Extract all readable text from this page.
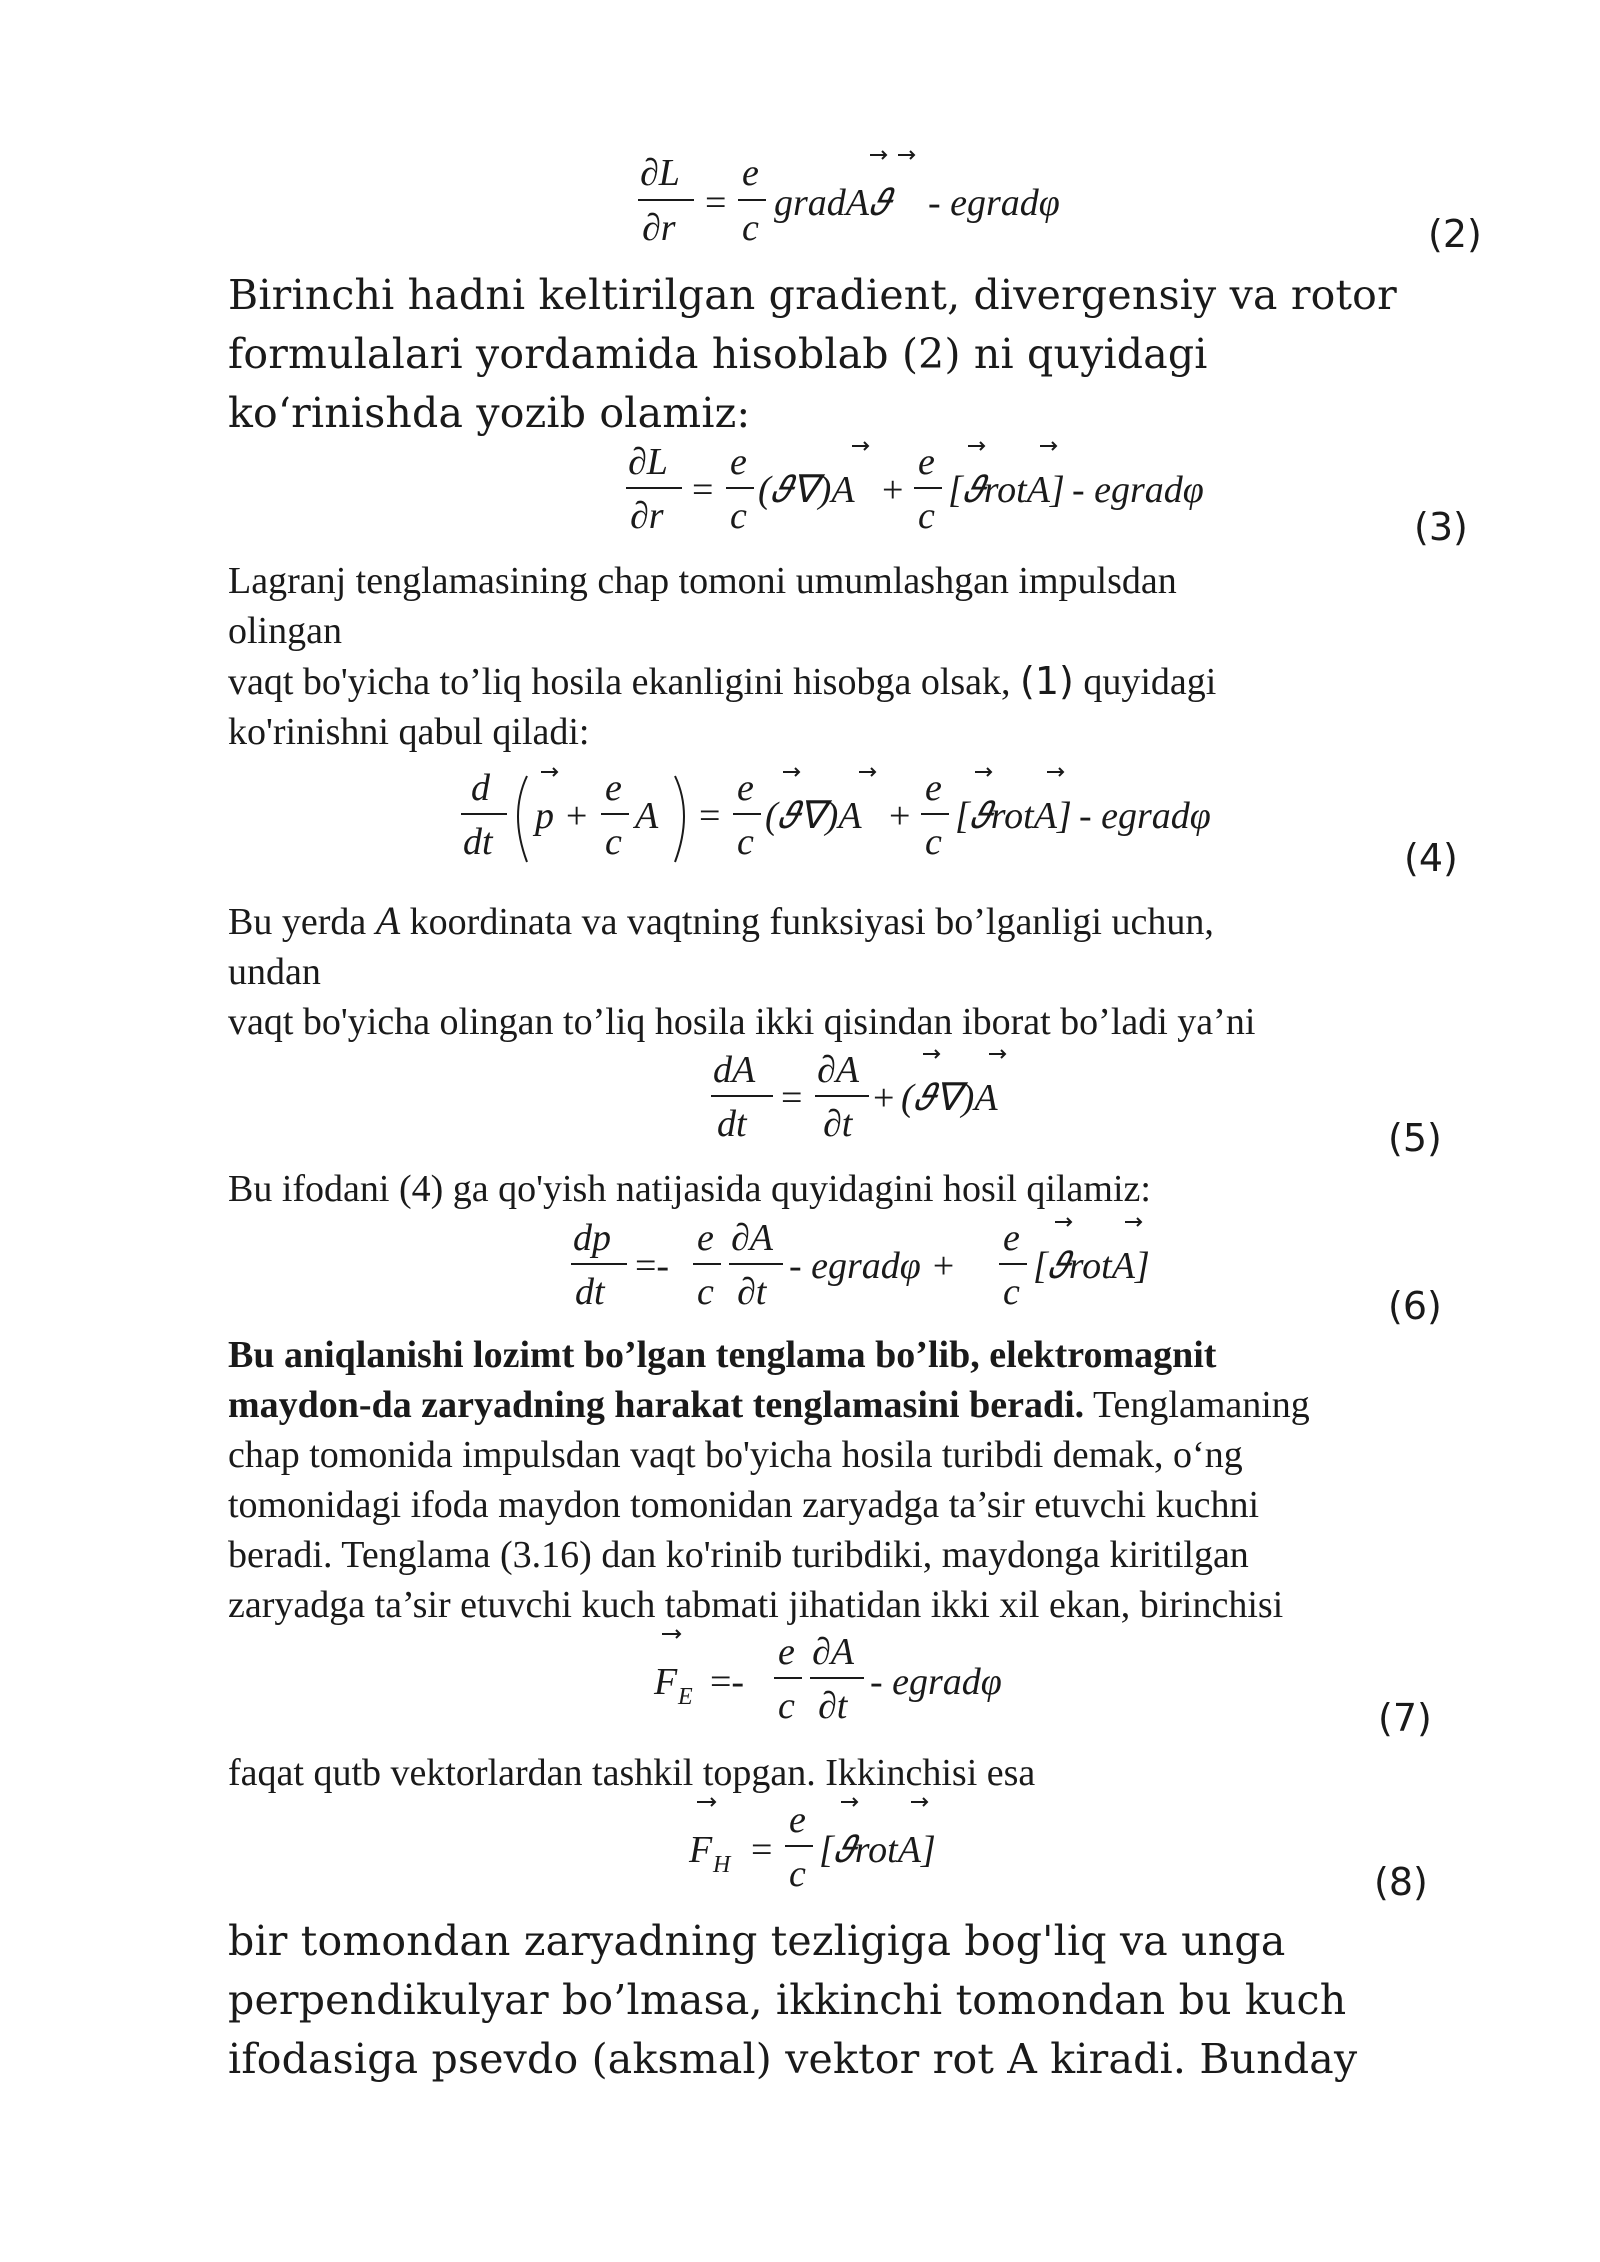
∂L
∂r
=
e
c
gradA𝜗 - egradφ
(2)
Birinchi hadni keltirilgan gradient, divergensiy va rotor
formulalari yordamida hisoblab (2) ni quyidagi
koʻrinishda yozib olamiz:
∂L
∂r
=
e
c
(𝜗∇)A +
e
c
[𝜗rotA] - egradφ
(3)
Lagranj tenglamasining chap tomoni umumlashgan impulsdan
olingan
vaqt bo'yicha to’liq hosila ekanligini hisobga olsak, (1) quyidagi
ko'rinishni qabul qiladi:
d
dt
p +
e
c
A =
e
c
(𝜗∇)A +
e
c
[𝜗rotA] - egradφ
(4)
Bu yerda A koordinata va vaqtning funksiyasi bo’lganligi uchun,
undan
vaqt bo'yicha olingan to’liq hosila ikki qisindan iborat bo’ladi ya’ni
dA
dt
=
∂A
∂t
+ (𝜗∇)A
(5)
Bu ifodani (4) ga qo'yish natijasida quyidagini hosil qilamiz:
dp
dt
=-
e
c
∂A
∂t
- egradφ +
e
c
[𝜗rotA]
(6)
Bu aniqlanishi lozimt bo’lgan tenglama bo’lib, elektromagnit
maydon-da zaryadning harakat tenglamasini beradi. Tenglamaning
chap tomonida impulsdan vaqt bo'yicha hosila turibdi demak, oʻng
tomonidagi ifoda maydon tomonidan zaryadga ta’sir etuvchi kuchni
beradi. Tenglama (3.16) dan ko'rinib turibdiki, maydonga kiritilgan
zaryadga ta’sir etuvchi kuch tabmati jihatidan ikki xil ekan, birinchisi
F E =-
e
c
∂A
∂t
- egradφ
(7)
faqat qutb vektorlardan tashkil topgan. Ikkinchisi esa
F H =
e
c
[𝜗rotA]
(8)
bir tomondan zaryadning tezligiga bog'liq va unga
perpendikulyar bo’lmasa, ikkinchi tomondan bu kuch
ifodasiga psevdo (aksmal) vektor rot A kiradi. Bunday
